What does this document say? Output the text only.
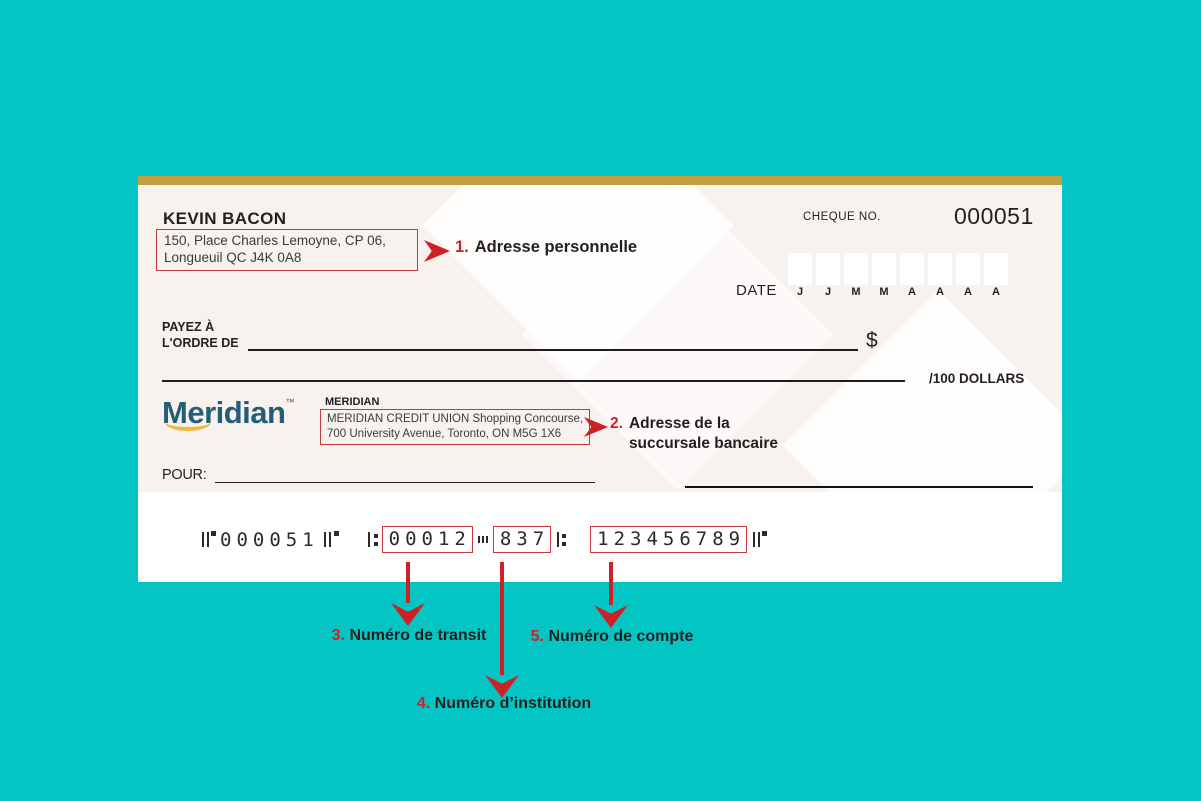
KEVIN BACON
150, Place Charles Lemoyne, CP 06,
Longueuil QC J4K 0A8
CHEQUE NO.	000051
DATE	J	J	M	M	A	A	A	A
PAYEZ À
L'ORDRE DE	$
/100 DOLLARS
Meridian™	MERIDIAN
MERIDIAN CREDIT UNION Shopping Concourse,
700 University Avenue, Toronto, ON M5G 1X6
POUR:
000051	00012	837	123456789
1. Adresse personnelle
2. Adresse de la succursale bancaire
3. Numéro de transit
4. Numéro d’institution
5. Numéro de compte
